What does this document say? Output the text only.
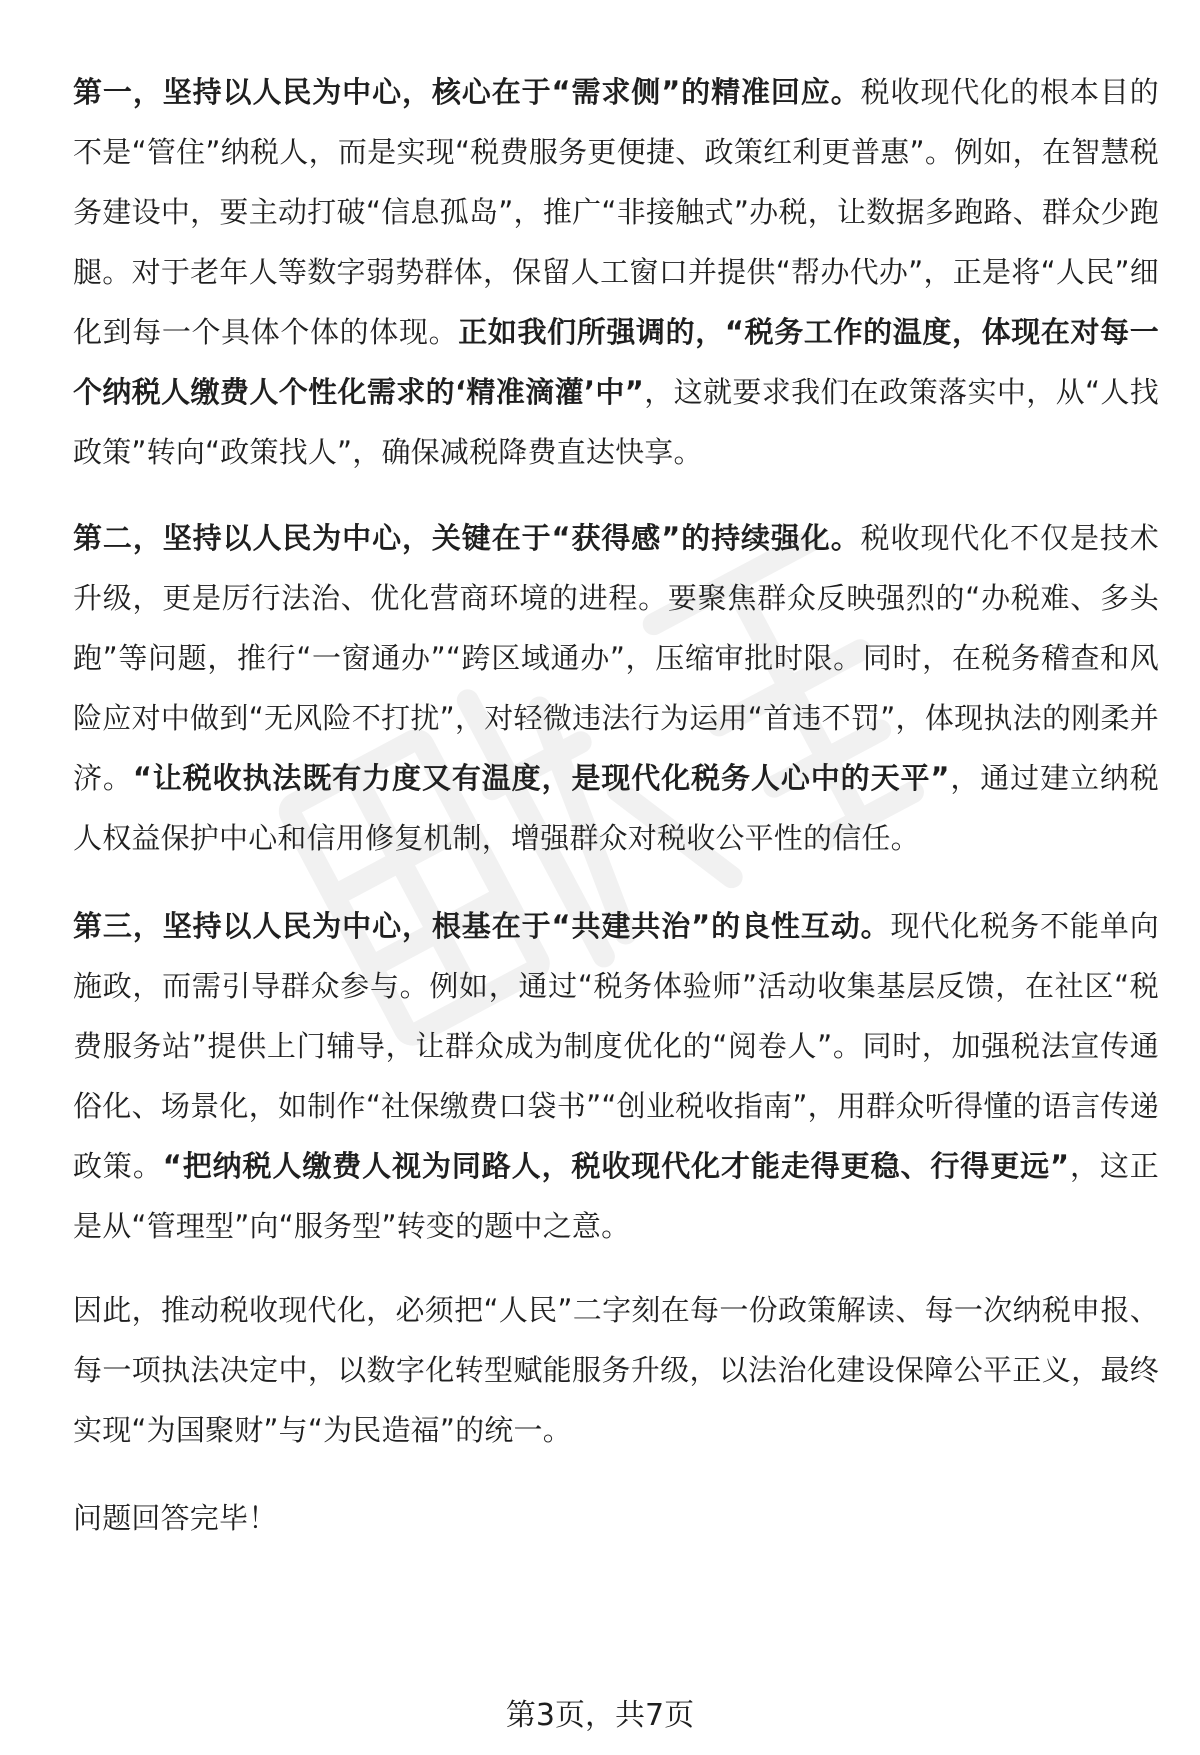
第一，坚持以人民为中心，核心在于“需求侧”的精准回应。税收现代化的根本目的不是“管住”纳税人，而是实现“税费服务更便捷、政策红利更普惠”。例如，在智慧税务建设中，要主动打破“信息孤岛”，推广“非接触式”办税，让数据多跑路、群众少跑腿。对于老年人等数字弱势群体，保留人工窗口并提供“帮办代办”，正是将“人民”细化到每一个具体个体的体现。正如我们所强调的，“税务工作的温度，体现在对每一个纳税人缴费人个性化需求的‘精准滴灌’中”，这就要求我们在政策落实中，从“人找政策”转向“政策找人”，确保减税降费直达快享。

第二，坚持以人民为中心，关键在于“获得感”的持续强化。税收现代化不仅是技术升级，更是厉行法治、优化营商环境的进程。要聚焦群众反映强烈的“办税难、多头跑”等问题，推行“一窗通办”“跨区域通办”，压缩审批时限。同时，在税务稽查和风险应对中做到“无风险不打扰”，对轻微违法行为运用“首违不罚”，体现执法的刚柔并济。“让税收执法既有力度又有温度，是现代化税务人心中的天平”，通过建立纳税人权益保护中心和信用修复机制，增强群众对税收公平性的信任。

第三，坚持以人民为中心，根基在于“共建共治”的良性互动。现代化税务不能单向施政，而需引导群众参与。例如，通过“税务体验师”活动收集基层反馈，在社区“税费服务站”提供上门辅导，让群众成为制度优化的“阅卷人”。同时，加强税法宣传通俗化、场景化，如制作“社保缴费口袋书”“创业税收指南”，用群众听得懂的语言传递政策。“把纳税人缴费人视为同路人，税收现代化才能走得更稳、行得更远”，这正是从“管理型”向“服务型”转变的题中之意。

因此，推动税收现代化，必须把“人民”二字刻在每一份政策解读、每一次纳税申报、每一项执法决定中，以数字化转型赋能服务升级，以法治化建设保障公平正义，最终实现“为国聚财”与“为民造福”的统一。

问题回答完毕！

第3页，共7页
